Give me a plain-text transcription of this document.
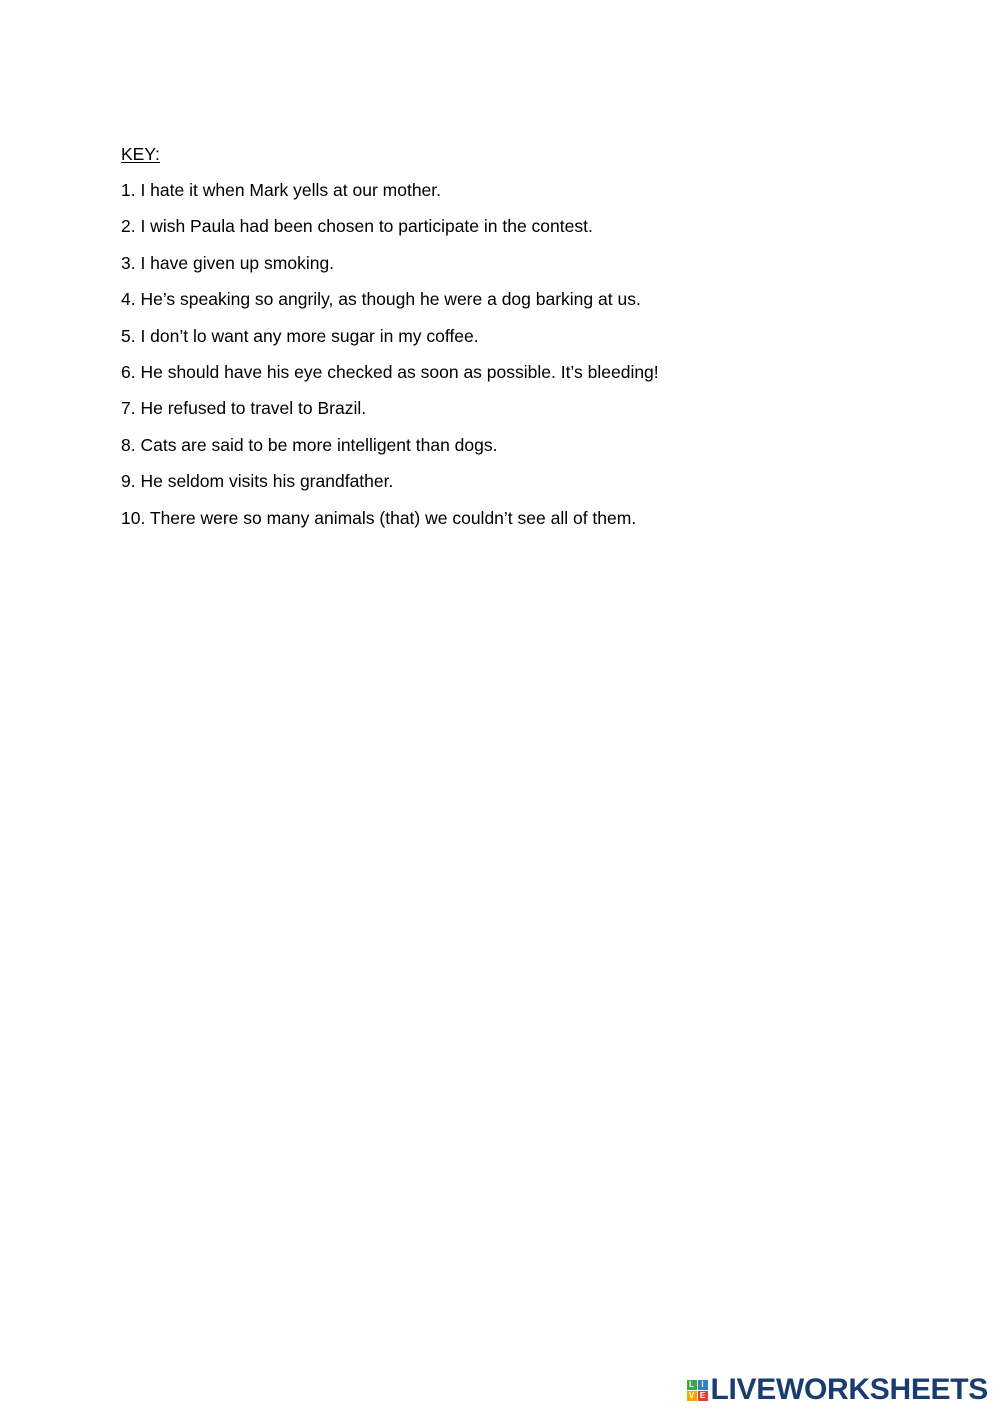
KEY:
1. I hate it when Mark yells at our mother.
2. I wish Paula had been chosen to participate in the contest.
3. I have given up smoking.
4. He’s speaking so angrily, as though he were a dog barking at us.
5. I don’t lo want any more sugar in my coffee.
6. He should have his eye checked as soon as possible. It’s bleeding!
7. He refused to travel to Brazil.
8. Cats are said to be more intelligent than dogs.
9. He seldom visits his grandfather.
10. There were so many animals (that) we couldn’t see all of them.
L I
V E LIVEWORKSHEETS
